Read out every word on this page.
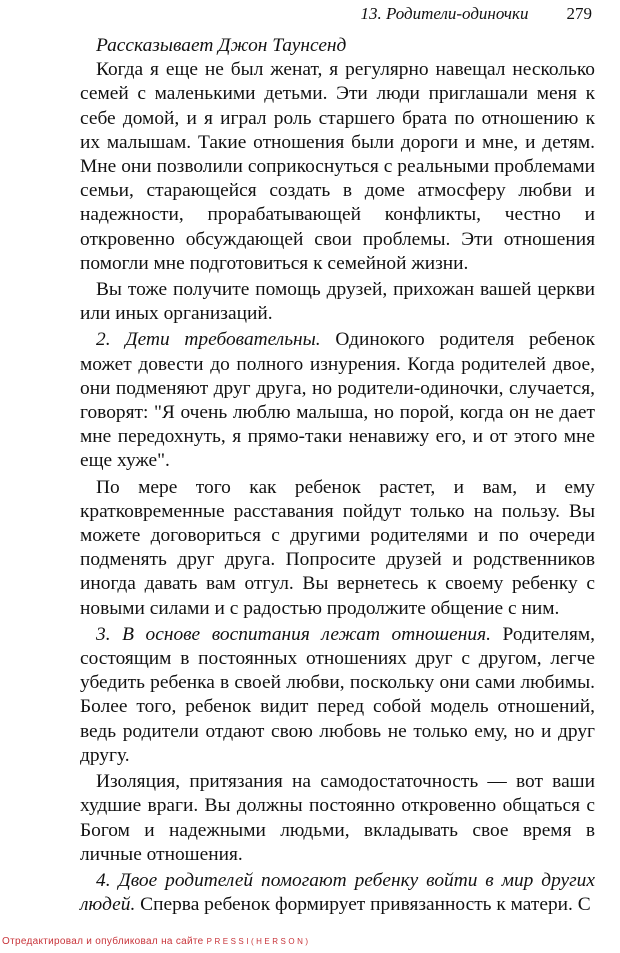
13. Родители-одиночки 279

Рассказывает Джон Таунсенд

Когда я еще не был женат, я регулярно навещал несколько семей с маленькими детьми. Эти люди приглашали меня к себе домой, и я играл роль старшего брата по отношению к их малышам. Такие отношения были дороги и мне, и детям. Мне они позволили соприкоснуться с реальными проблемами семьи, старающейся создать в доме атмосферу любви и надежности, прорабатывающей конфликты, честно и откровенно обсуждающей свои проблемы. Эти отношения помогли мне подготовиться к семейной жизни.

Вы тоже получите помощь друзей, прихожан вашей церкви или иных организаций.

2. Дети требовательны. Одинокого родителя ребенок может довести до полного изнурения. Когда родителей двое, они подменяют друг друга, но родители-одиночки, случается, говорят: "Я очень люблю малыша, но порой, когда он не дает мне передохнуть, я прямо-таки ненавижу его, и от этого мне еще хуже".

По мере того как ребенок растет, и вам, и ему кратковременные расставания пойдут только на пользу. Вы можете договориться с другими родителями и по очереди подменять друг друга. Попросите друзей и родственников иногда давать вам отгул. Вы вернетесь к своему ребенку с новыми силами и с радостью продолжите общение с ним.

3. В основе воспитания лежат отношения. Родителям, состоящим в постоянных отношениях друг с другом, легче убедить ребенка в своей любви, поскольку они сами любимы. Более того, ребенок видит перед собой модель отношений, ведь родители отдают свою любовь не только ему, но и друг другу.

Изоляция, притязания на самодостаточность — вот ваши худшие враги. Вы должны постоянно откровенно общаться с Богом и надежными людьми, вкладывать свое время в личные отношения.

4. Двое родителей помогают ребенку войти в мир других людей. Сперва ребенок формирует привязанность к матери. С

Отредактировал и опубликовал на сайте PRESSI(HERSON)
